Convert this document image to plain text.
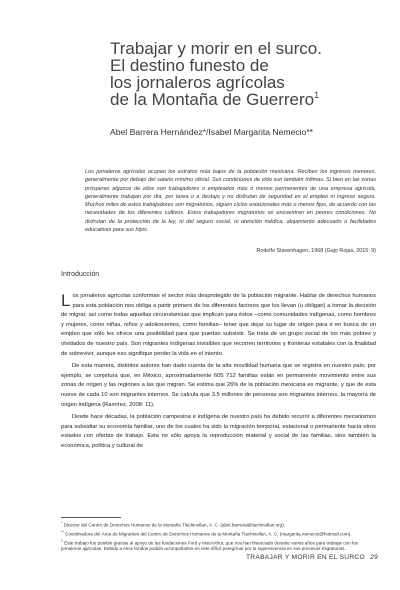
Trabajar y morir en el surco.
El destino funesto de
los jornaleros agrícolas
de la Montaña de Guerrero$^1$
Abel Barrera Hernández*/Isabel Margarita Nemecio**
Los jornaleros agrícolas ocupan los estratos más bajos de la población mexicana. Reciben los ingresos menores, generalmente por debajo del salario mínimo oficial. Sus condiciones de vida son también ínfimas. Si bien en las zonas prósperas algunos de ellos son trabajadores o empleados más o menos permanentes de una empresa agrícola, generalmente trabajan por día, por tarea o a destajo y no disfrutan de seguridad en el empleo ni ingreso seguro. Muchos miles de estos trabajadores son migratorios, siguen ciclos estacionales más o menos fijos, de acuerdo con las necesidades de los diferentes cultivos. Estos trabajadores migratorios se encuentran en peores condiciones. No disfrutan de la protección de la ley, ni del seguro social, ni atención médica, alojamiento adecuado o facilidades educativas para sus hijos.
Rodolfo Stavenhagen, 1968 (Gajo Rojas, 2015: 9)
Introducción

Los jornaleros agrícolas conforman el sector más desprotegido de la población migrante. Hablar de derechos humanos para esta población nos obliga a partir primero de los diferentes factores que los llevan (u obligan) a tomar la decisión de migrar, así como todas aquellas circunstancias que implican para éstos –como comunidades indígenas, como hombres y mujeres, como niñas, niños y adolescentes, como familias– tener que dejar su lugar de origen para ir en busca de un empleo que sólo les ofrece una posibilidad para que puedan subsistir. Se trata de un grupo social de los más pobres y olvidados de nuestro país. Son migrantes indígenas invisibles que recorren territorios y fronteras estatales con la finalidad de sobrevivir, aunque eso signifique perder la vida en el intento.

De esta manera, distintos autores han dado cuenta de la alta movilidad humana que se registra en nuestro país; por ejemplo, se conjetura que, en México, aproximadamente 605 712 familias están en permanente movimiento entre sus zonas de origen y las regiones a las que migran. Se estima que 26% de la población mexicana es migrante, y que de esta nueve de cada 10 son migrantes internos. Se calcula que 3.5 millones de personas son migrantes internos, la mayoría de origen indígena (Ramírez, 2008: 11).

Desde hace décadas, la población campesina e indígena de nuestro país ha debido recurrir a diferentes mecanismos para subsidiar su economía familiar, uno de los cuales ha sido la migración temporal, estacional o permanente hacia otros estados con ofertas de trabajo. Esta no sólo apoya la reproducción material y social de las familias, sino también la económica, política y cultural de

* Director del Centro de Derechos Humanos de la Montaña Tlachinollan, A. C. (abel.barrera@tlachinollan.org).

** Coordinadora del Área de Migrantes del Centro de Derechos Humanos de la Montaña Tlachinollan, A. C. (margarita.nemecio@hotmail.com).

$^1$ Este trabajo fue posible gracias al apoyo de las fundaciones Ford y MacArthur, que nos han financiado durante varios años para trabajar con los jornaleros agrícolas. Debido a esos fondos podido acompañarlos en este difícil peregrinar por la supervivencia en sus procesos migratorios.

TRABAJAR Y MORIR EN EL SURCO 29
